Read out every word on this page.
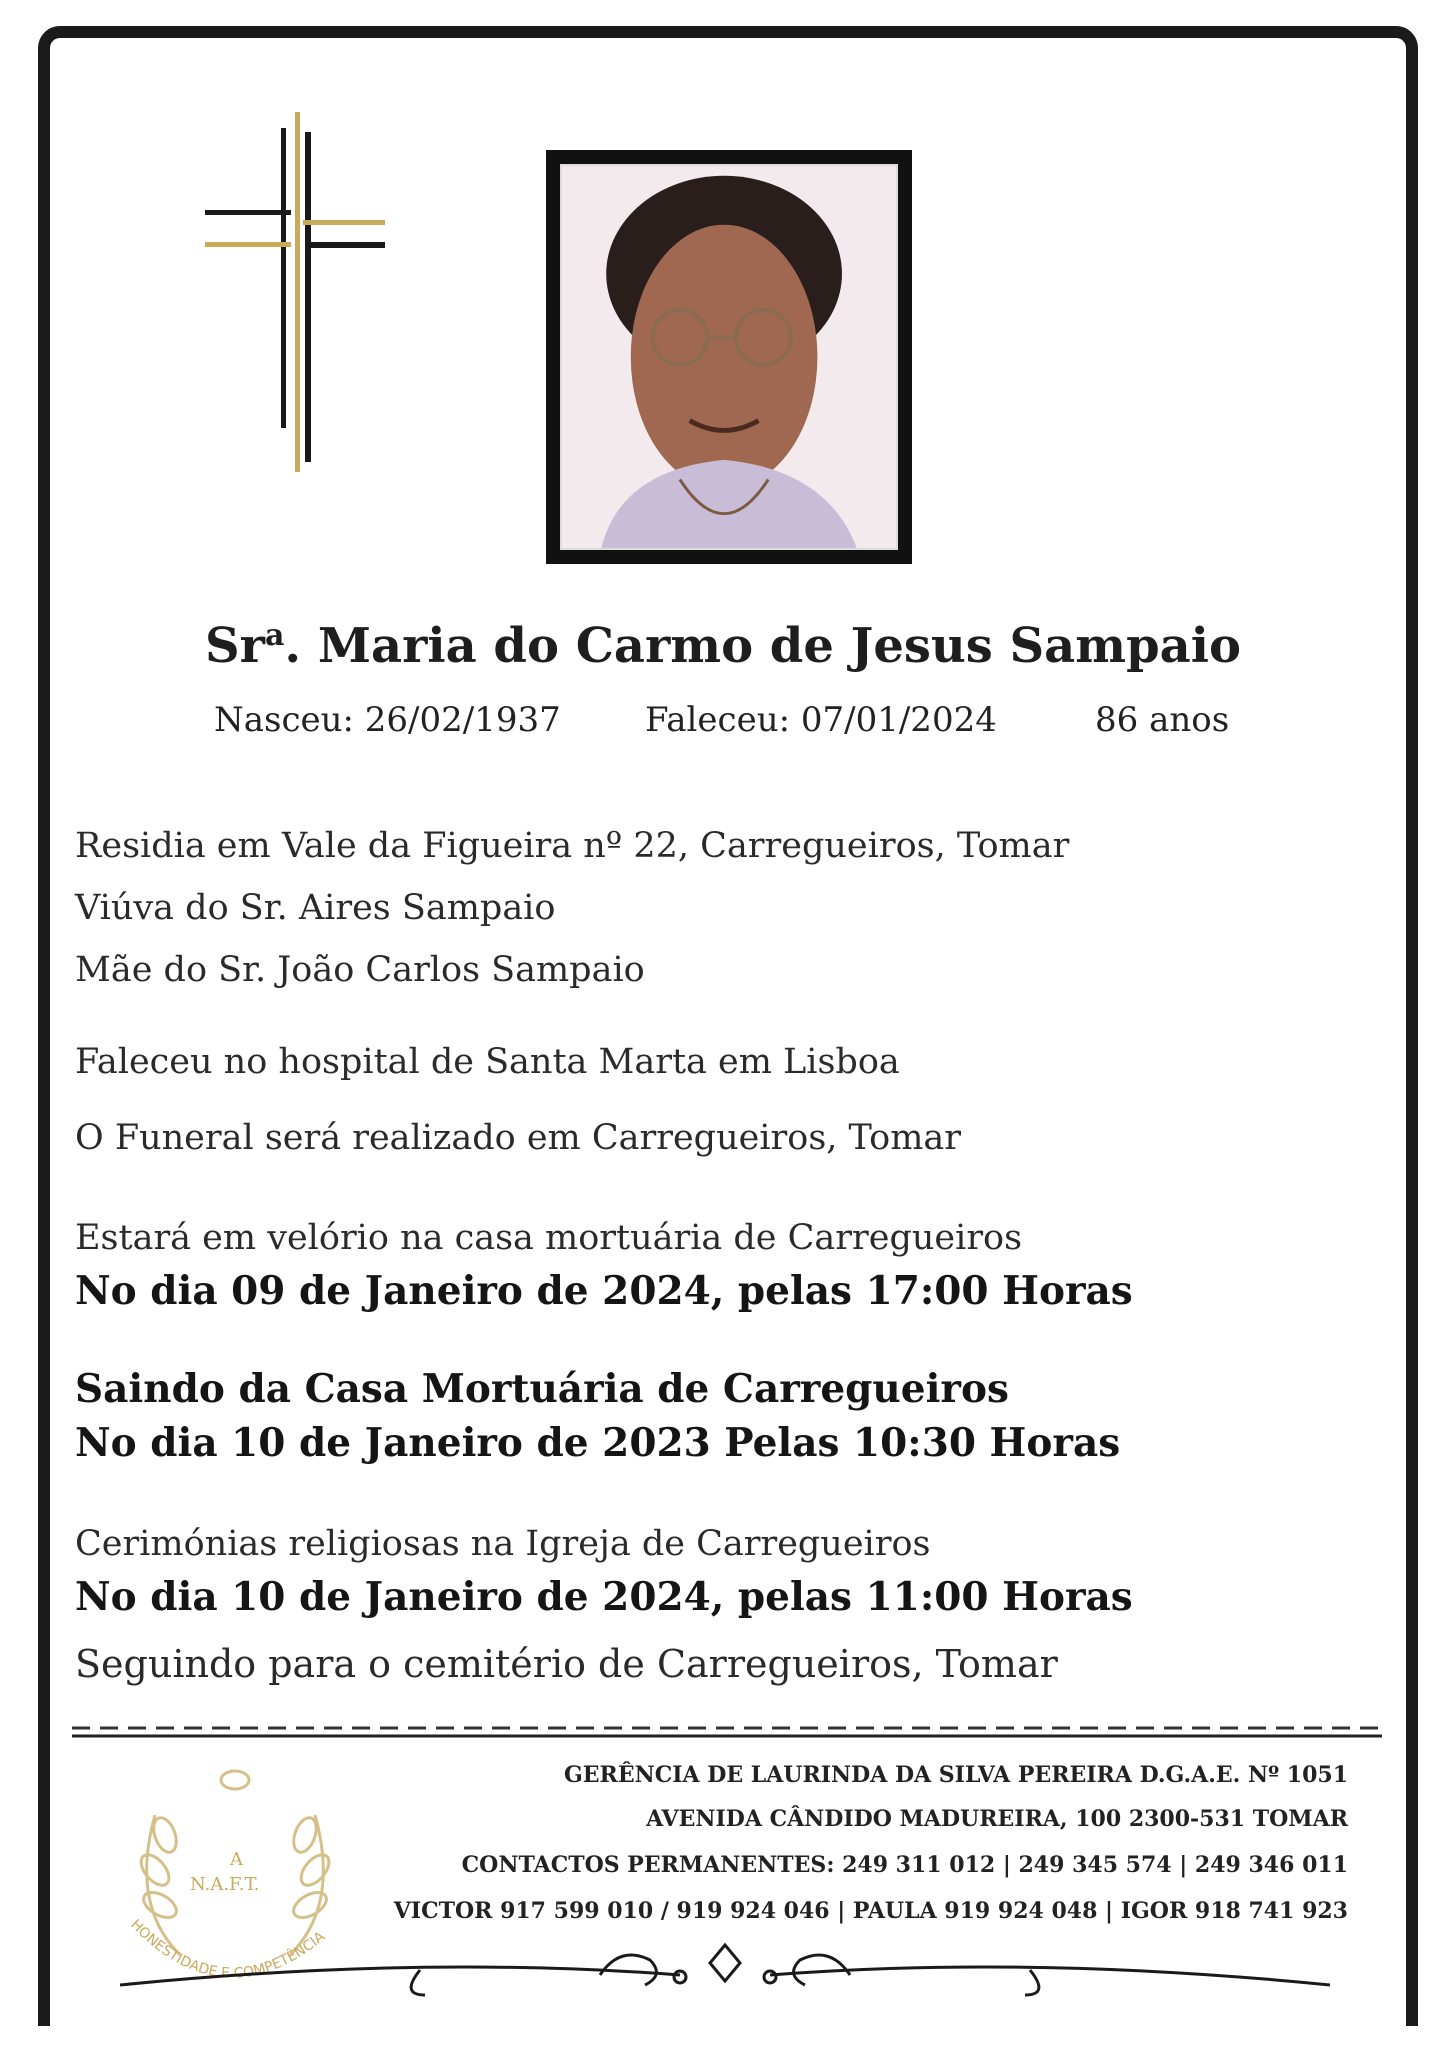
Sr$^a$. Maria do Carmo de Jesus Sampaio
Nasceu: 26/02/1937 Faleceu: 07/01/2024	86 anos
Residia em Vale da Figueira nº 22, Carregueiros, Tomar
Viúva do Sr. Aires Sampaio
Mãe do Sr. João Carlos Sampaio
Faleceu no hospital de Santa Marta em Lisboa
O Funeral será realizado em Carregueiros, Tomar
Estará em velório na casa mortuária de Carregueiros
No dia 09 de Janeiro de 2024, pelas 17:00 Horas
Saindo da Casa Mortuária de Carregueiros
No dia 10 de Janeiro de 2023 Pelas 10:30 Horas
Cerimónias religiosas na Igreja de Carregueiros
No dia 10 de Janeiro de 2024, pelas 11:00 Horas
Seguindo para o cemitério de Carregueiros, Tomar
A
N.A.F.T.
HONESTIDADE E COMPETÊNCIA
GERÊNCIA DE LAURINDA DA SILVA PEREIRA D.G.A.E. Nº 1051
AVENIDA CÂNDIDO MADUREIRA, 100 2300-531 TOMAR
CONTACTOS PERMANENTES: 249 311 012 | 249 345 574 | 249 346 011
VICTOR 917 599 010 / 919 924 046 | PAULA 919 924 048 | IGOR 918 741 923
